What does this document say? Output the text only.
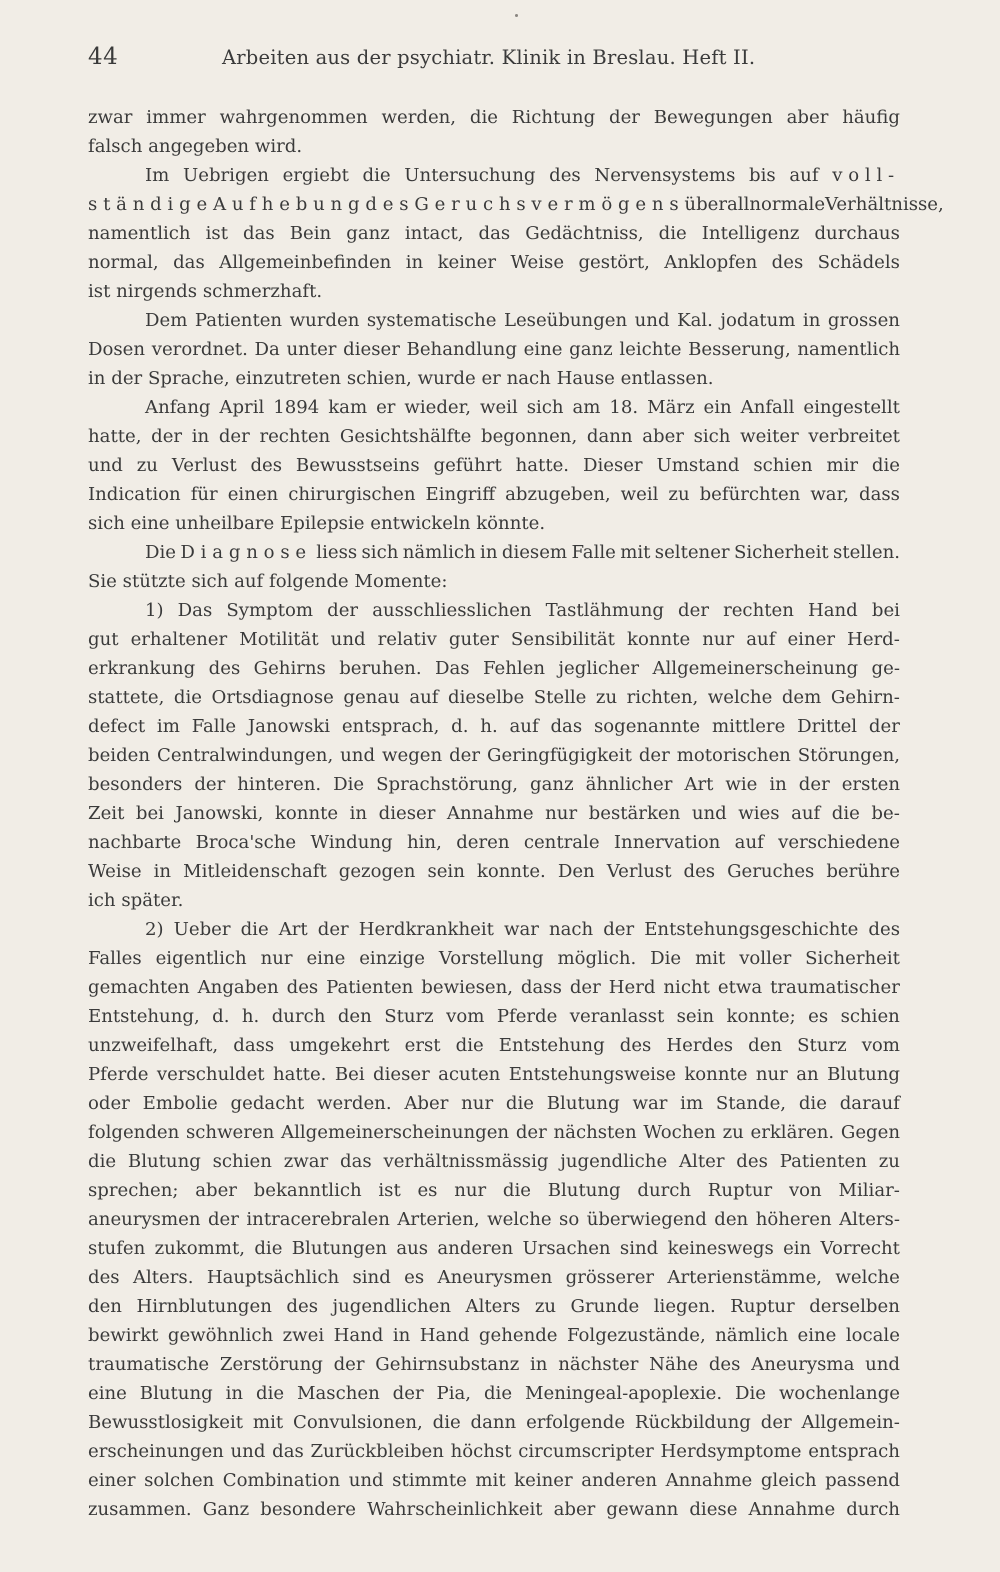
44	Arbeiten aus der psychiatr. Klinik in Breslau. Heft II.
zwar immer wahrgenommen werden, die Richtung der Bewegungen aber häufig
falsch angegeben wird.
Im Uebrigen ergiebt die Untersuchung des Nervensystems bis auf voll-
ständige Aufhebung des Geruchsvermögens überall normale Verhältnisse,
namentlich ist das Bein ganz intact, das Gedächtniss, die Intelligenz durchaus
normal, das Allgemeinbefinden in keiner Weise gestört, Anklopfen des Schädels
ist nirgends schmerzhaft.
Dem Patienten wurden systematische Leseübungen und Kal. jodatum in grossen
Dosen verordnet. Da unter dieser Behandlung eine ganz leichte Besserung, namentlich
in der Sprache, einzutreten schien, wurde er nach Hause entlassen.
Anfang April 1894 kam er wieder, weil sich am 18. März ein Anfall eingestellt
hatte, der in der rechten Gesichtshälfte begonnen, dann aber sich weiter verbreitet
und zu Verlust des Bewusstseins geführt hatte. Dieser Umstand schien mir die
Indication für einen chirurgischen Eingriff abzugeben, weil zu befürchten war, dass
sich eine unheilbare Epilepsie entwickeln könnte.
Die Diagnose liess sich nämlich in diesem Falle mit seltener Sicherheit stellen.
Sie stützte sich auf folgende Momente:
1) Das Symptom der ausschliesslichen Tastlähmung der rechten Hand bei
gut erhaltener Motilität und relativ guter Sensibilität konnte nur auf einer Herd-
erkrankung des Gehirns beruhen. Das Fehlen jeglicher Allgemeinerscheinung ge-
stattete, die Ortsdiagnose genau auf dieselbe Stelle zu richten, welche dem Gehirn-
defect im Falle Janowski entsprach, d. h. auf das sogenannte mittlere Drittel der
beiden Centralwindungen, und wegen der Geringfügigkeit der motorischen Störungen,
besonders der hinteren. Die Sprachstörung, ganz ähnlicher Art wie in der ersten
Zeit bei Janowski, konnte in dieser Annahme nur bestärken und wies auf die be-
nachbarte Broca'sche Windung hin, deren centrale Innervation auf verschiedene
Weise in Mitleidenschaft gezogen sein konnte. Den Verlust des Geruches berühre
ich später.
2) Ueber die Art der Herdkrankheit war nach der Entstehungsgeschichte des
Falles eigentlich nur eine einzige Vorstellung möglich. Die mit voller Sicherheit
gemachten Angaben des Patienten bewiesen, dass der Herd nicht etwa traumatischer
Entstehung, d. h. durch den Sturz vom Pferde veranlasst sein konnte; es schien
unzweifelhaft, dass umgekehrt erst die Entstehung des Herdes den Sturz vom
Pferde verschuldet hatte. Bei dieser acuten Entstehungsweise konnte nur an Blutung
oder Embolie gedacht werden. Aber nur die Blutung war im Stande, die darauf
folgenden schweren Allgemeinerscheinungen der nächsten Wochen zu erklären. Gegen
die Blutung schien zwar das verhältnissmässig jugendliche Alter des Patienten zu
sprechen; aber bekanntlich ist es nur die Blutung durch Ruptur von Miliar-
aneurysmen der intracerebralen Arterien, welche so überwiegend den höheren Alters-
stufen zukommt, die Blutungen aus anderen Ursachen sind keineswegs ein Vorrecht
des Alters. Hauptsächlich sind es Aneurysmen grösserer Arterienstämme, welche
den Hirnblutungen des jugendlichen Alters zu Grunde liegen. Ruptur derselben
bewirkt gewöhnlich zwei Hand in Hand gehende Folgezustände, nämlich eine locale
traumatische Zerstörung der Gehirnsubstanz in nächster Nähe des Aneurysma und
eine Blutung in die Maschen der Pia, die Meningeal-apoplexie. Die wochenlange
Bewusstlosigkeit mit Convulsionen, die dann erfolgende Rückbildung der Allgemein-
erscheinungen und das Zurückbleiben höchst circumscripter Herdsymptome entsprach
einer solchen Combination und stimmte mit keiner anderen Annahme gleich passend
zusammen. Ganz besondere Wahrscheinlichkeit aber gewann diese Annahme durch
